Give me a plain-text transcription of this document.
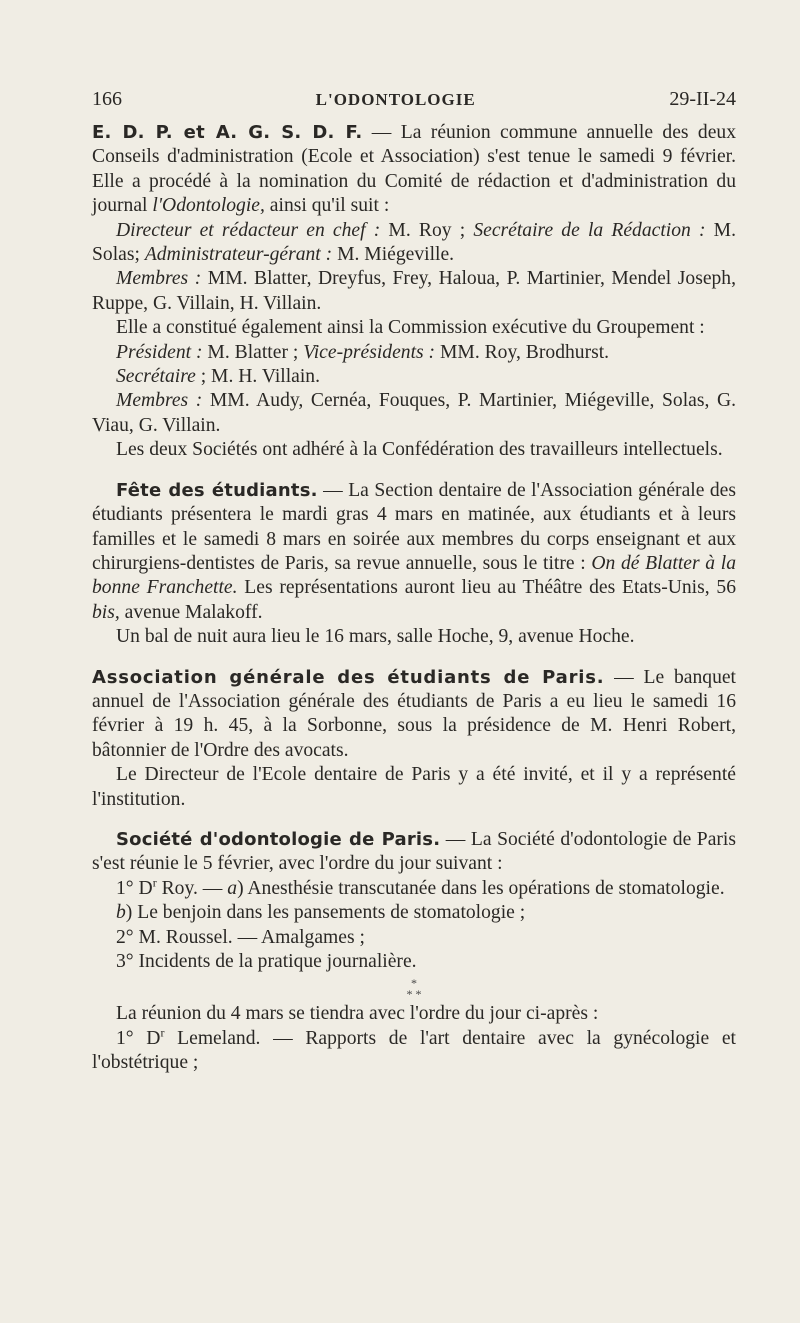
166	L'ODONTOLOGIE	29-II-24

E. D. P. et A. G. S. D. F. — La réunion commune annuelle des deux Conseils d'administration (Ecole et Association) s'est tenue le samedi 9 février. Elle a procédé à la nomination du Comité de rédaction et d'administration du journal l'Odontologie, ainsi qu'il suit :

Directeur et rédacteur en chef : M. Roy ; Secrétaire de la Rédaction : M. Solas; Administrateur-gérant : M. Miégeville.

Membres : MM. Blatter, Dreyfus, Frey, Haloua, P. Martinier, Mendel Joseph, Ruppe, G. Villain, H. Villain.

Elle a constitué également ainsi la Commission exécutive du Groupement :

Président : M. Blatter ; Vice-présidents : MM. Roy, Brodhurst.

Secrétaire ; M. H. Villain.

Membres : MM. Audy, Cernéa, Fouques, P. Martinier, Miégeville, Solas, G. Viau, G. Villain.

Les deux Sociétés ont adhéré à la Confédération des travailleurs intellectuels.

Fête des étudiants. — La Section dentaire de l'Association générale des étudiants présentera le mardi gras 4 mars en matinée, aux étudiants et à leurs familles et le samedi 8 mars en soirée aux membres du corps enseignant et aux chirurgiens-dentistes de Paris, sa revue annuelle, sous le titre : On dé Blatter à la bonne Franchette. Les représentations auront lieu au Théâtre des Etats-Unis, 56 bis, avenue Malakoff.

Un bal de nuit aura lieu le 16 mars, salle Hoche, 9, avenue Hoche.

Association générale des étudiants de Paris. — Le banquet annuel de l'Association générale des étudiants de Paris a eu lieu le samedi 16 février à 19 h. 45, à la Sorbonne, sous la présidence de M. Henri Robert, bâtonnier de l'Ordre des avocats.

Le Directeur de l'Ecole dentaire de Paris y a été invité, et il y a représenté l'institution.

Société d'odontologie de Paris. — La Société d'odontologie de Paris s'est réunie le 5 février, avec l'ordre du jour suivant :

1° $D^r$ Roy. — a) Anesthésie transcutanée dans les opérations de stomatologie.

b) Le benjoin dans les pansements de stomatologie ;

2° M. Roussel. — Amalgames ;

3° Incidents de la pratique journalière.

*
* *

La réunion du 4 mars se tiendra avec l'ordre du jour ci-après :

1° $D^r$ Lemeland. — Rapports de l'art dentaire avec la gynécologie et l'obstétrique ;
